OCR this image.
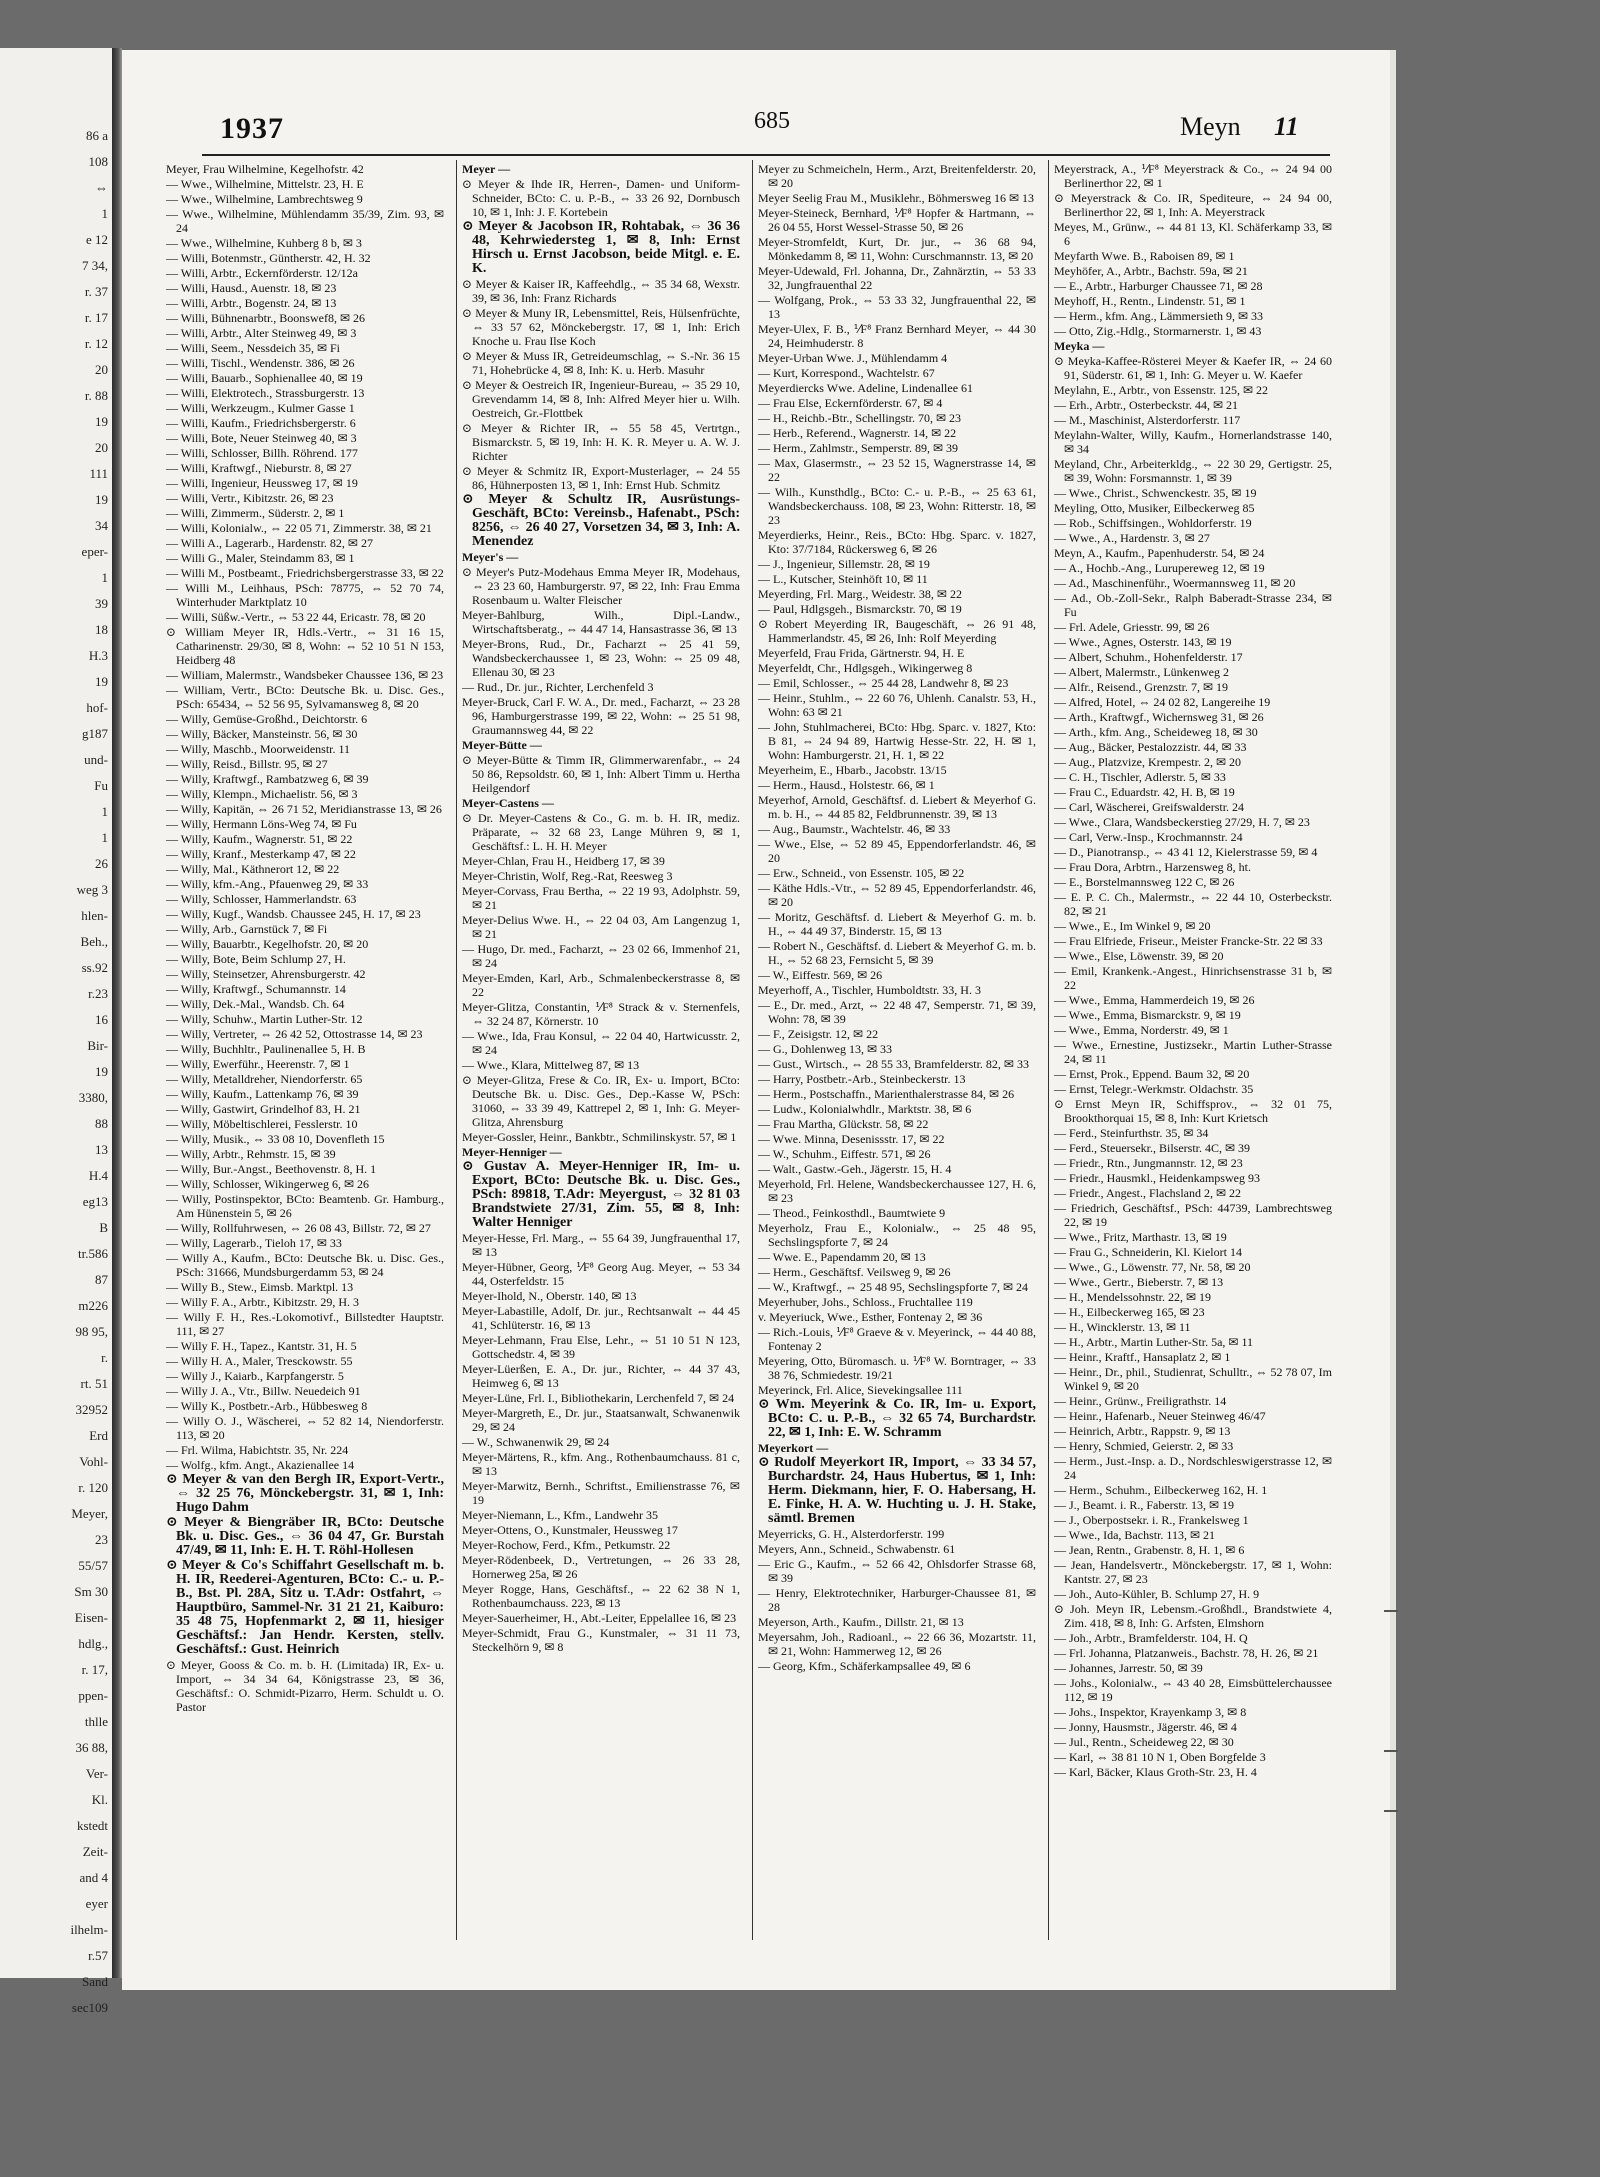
86 a
108
⇔
1
e 12
7 34,
r. 37
r. 17
r. 12
20
r. 88
19
20
111
19
34
eper-
1
39
18
H.3
19
hof-
g187
und-
Fu
1
1
26
weg 3
hlen-
Beh.,
ss.92
r.23
16
Bir-
19
3380,
88
13
H.4
eg13
B
tr.586
87
m226
98 95,
r.
rt. 51
32952
Erd
Vohl-
r. 120
Meyer,
23
55/57
Sm 30
Eisen-
hdlg.,
r. 17,
ppen-
thlle
36 88,
Ver-
Kl.
kstedt
Zeit-
and 4
eyer
ilhelm-
r.57
Sand
sec109
1937	685	Meyn 11
Meyer, Frau Wilhelmine, Kegelhofstr. 42
— Wwe., Wilhelmine, Mittelstr. 23, H. E
— Wwe., Wilhelmine, Lambrechtsweg 9
— Wwe., Wilhelmine, Mühlendamm 35/39, Zim. 93, ✉ 24
— Wwe., Wilhelmine, Kuhberg 8 b, ✉ 3
— Willi, Botenmstr., Güntherstr. 42, H. 32
— Willi, Arbtr., Eckernförderstr. 12/12a
— Willi, Hausd., Auenstr. 18, ✉ 23
— Willi, Arbtr., Bogenstr. 24, ✉ 13
— Willi, Bühnenarbtr., Boonswef8, ✉ 26
— Willi, Arbtr., Alter Steinweg 49, ✉ 3
— Willi, Seem., Nessdeich 35, ✉ Fi
— Willi, Tischl., Wendenstr. 386, ✉ 26
— Willi, Bauarb., Sophienallee 40, ✉ 19
— Willi, Elektrotech., Strassburgerstr. 13
— Willi, Werkzeugm., Kulmer Gasse 1
— Willi, Kaufm., Friedrichsbergerstr. 6
— Willi, Bote, Neuer Steinweg 40, ✉ 3
— Willi, Schlosser, Billh. Röhrend. 177
— Willi, Kraftwgf., Nieburstr. 8, ✉ 27
— Willi, Ingenieur, Heussweg 17, ✉ 19
— Willi, Vertr., Kibitzstr. 26, ✉ 23
— Willi, Zimmerm., Süderstr. 2, ✉ 1
— Willi, Kolonialw., ⇔ 22 05 71, Zimmerstr. 38, ✉ 21
— Willi A., Lagerarb., Hardenstr. 82, ✉ 27
— Willi G., Maler, Steindamm 83, ✉ 1
— Willi M., Postbeamt., Friedrichsbergerstrasse 33, ✉ 22
— Willi M., Leihhaus, PSch: 78775, ⇔ 52 70 74, Winterhuder Marktplatz 10
— Willi, Süßw.-Vertr., ⇔ 53 22 44, Ericastr. 78, ✉ 20
⊙ William Meyer IR, Hdls.-Vertr., ⇔ 31 16 15, Catharinenstr. 29/30, ✉ 8, Wohn: ⇔ 52 10 51 N 153, Heidberg 48
— William, Malermstr., Wandsbeker Chaussee 136, ✉ 23
— William, Vertr., BCto: Deutsche Bk. u. Disc. Ges., PSch: 65434, ⇔ 52 56 95, Sylvamansweg 8, ✉ 20
— Willy, Gemüse-Großhd., Deichtorstr. 6
— Willy, Bäcker, Mansteinstr. 56, ✉ 30
— Willy, Maschb., Moorweidenstr. 11
— Willy, Reisd., Billstr. 95, ✉ 27
— Willy, Kraftwgf., Rambatzweg 6, ✉ 39
— Willy, Klempn., Michaelistr. 56, ✉ 3
— Willy, Kapitän, ⇔ 26 71 52, Meridianstrasse 13, ✉ 26
— Willy, Hermann Löns-Weg 74, ✉ Fu
— Willy, Kaufm., Wagnerstr. 51, ✉ 22
— Willy, Kranf., Mesterkamp 47, ✉ 22
— Willy, Mal., Käthnerort 12, ✉ 22
— Willy, kfm.-Ang., Pfauenweg 29, ✉ 33
— Willy, Schlosser, Hammerlandstr. 63
— Willy, Kugf., Wandsb. Chaussee 245, H. 17, ✉ 23
— Willy, Arb., Garnstück 7, ✉ Fi
— Willy, Bauarbtr., Kegelhofstr. 20, ✉ 20
— Willy, Bote, Beim Schlump 27, H.
— Willy, Steinsetzer, Ahrensburgerstr. 42
— Willy, Kraftwgf., Schumannstr. 14
— Willy, Dek.-Mal., Wandsb. Ch. 64
— Willy, Schuhw., Martin Luther-Str. 12
— Willy, Vertreter, ⇔ 26 42 52, Ottostrasse 14, ✉ 23
— Willy, Buchhltr., Paulinenallee 5, H. B
— Willy, Ewerführ., Heerenstr. 7, ✉ 1
— Willy, Metalldreher, Niendorferstr. 65
— Willy, Kaufm., Lattenkamp 76, ✉ 39
— Willy, Gastwirt, Grindelhof 83, H. 21
— Willy, Möbeltischlerei, Fesslerstr. 10
— Willy, Musik., ⇔ 33 08 10, Dovenfleth 15
— Willy, Arbtr., Rehmstr. 15, ✉ 39
— Willy, Bur.-Angst., Beethovenstr. 8, H. 1
— Willy, Schlosser, Wikingerweg 6, ✉ 26
— Willy, Postinspektor, BCto: Beamtenb. Gr. Hamburg., Am Hünenstein 5, ✉ 26
— Willy, Rollfuhrwesen, ⇔ 26 08 43, Billstr. 72, ✉ 27
— Willy, Lagerarb., Tieloh 17, ✉ 33
— Willy A., Kaufm., BCto: Deutsche Bk. u. Disc. Ges., PSch: 31666, Mundsburgerdamm 53, ✉ 24
— Willy B., Stew., Eimsb. Marktpl. 13
— Willy F. A., Arbtr., Kibitzstr. 29, H. 3
— Willy F. H., Res.-Lokomotivf., Billstedter Hauptstr. 111, ✉ 27
— Willy F. H., Tapez., Kantstr. 31, H. 5
— Willy H. A., Maler, Tresckowstr. 55
— Willy J., Kaiarb., Karpfangerstr. 5
— Willy J. A., Vtr., Billw. Neuedeich 91
— Willy K., Postbetr.-Arb., Hübbesweg 8
— Willy O. J., Wäscherei, ⇔ 52 82 14, Niendorferstr. 113, ✉ 20
— Frl. Wilma, Habichtstr. 35, Nr. 224
— Wolfg., kfm. Angt., Akazienallee 14
⊙ Meyer & van den Bergh IR, Export-Vertr., ⇔ 32 25 76, Mönckebergstr. 31, ✉ 1, Inh: Hugo Dahm
⊙ Meyer & Biengräber IR, BCto: Deutsche Bk. u. Disc. Ges., ⇔ 36 04 47, Gr. Burstah 47/49, ✉ 11, Inh: E. H. T. Röhl-Hollesen
⊙ Meyer & Co's Schiffahrt Gesellschaft m. b. H. IR, Reederei-Agenturen, BCto: C.- u. P.-B., Bst. Pl. 28A, Sitz u. T.Adr: Ostfahrt, ⇔ Hauptbüro, Sammel-Nr. 31 21 21, Kaiburo: 35 48 75, Hopfenmarkt 2, ✉ 11, hiesiger Geschäftsf.: Jan Hendr. Kersten, stellv. Geschäftsf.: Gust. Heinrich
⊙ Meyer, Gooss & Co. m. b. H. (Limitada) IR, Ex- u. Import, ⇔ 34 34 64, Königstrasse 23, ✉ 36, Geschäftsf.: O. Schmidt-Pizarro, Herm. Schuldt u. O. Pastor
Meyer —
⊙ Meyer & Ihde IR, Herren-, Damen- und Uniform-Schneider, BCto: C. u. P.-B., ⇔ 33 26 92, Dornbusch 10, ✉ 1, Inh: J. F. Kortebein
⊙ Meyer & Jacobson IR, Rohtabak, ⇔ 36 36 48, Kehrwiedersteg 1, ✉ 8, Inh: Ernst Hirsch u. Ernst Jacobson, beide Mitgl. e. E. K.
⊙ Meyer & Kaiser IR, Kaffeehdlg., ⇔ 35 34 68, Wexstr. 39, ✉ 36, Inh: Franz Richards
⊙ Meyer & Muny IR, Lebensmittel, Reis, Hülsenfrüchte, ⇔ 33 57 62, Mönckebergstr. 17, ✉ 1, Inh: Erich Knoche u. Frau Ilse Koch
⊙ Meyer & Muss IR, Getreideumschlag, ⇔ S.-Nr. 36 15 71, Hohebrücke 4, ✉ 8, Inh: K. u. Herb. Masuhr
⊙ Meyer & Oestreich IR, Ingenieur-Bureau, ⇔ 35 29 10, Grevendamm 14, ✉ 8, Inh: Alfred Meyer hier u. Wilh. Oestreich, Gr.-Flottbek
⊙ Meyer & Richter IR, ⇔ 55 58 45, Vertrtgn., Bismarckstr. 5, ✉ 19, Inh: H. K. R. Meyer u. A. W. J. Richter
⊙ Meyer & Schmitz IR, Export-Musterlager, ⇔ 24 55 86, Hühnerposten 13, ✉ 1, Inh: Ernst Hub. Schmitz
⊙ Meyer & Schultz IR, Ausrüstungs-Geschäft, BCto: Vereinsb., Hafenabt., PSch: 8256, ⇔ 26 40 27, Vorsetzen 34, ✉ 3, Inh: A. Menendez
Meyer's —
⊙ Meyer's Putz-Modehaus Emma Meyer IR, Modehaus, ⇔ 23 23 60, Hamburgerstr. 97, ✉ 22, Inh: Frau Emma Rosenbaum u. Walter Fleischer
Meyer-Bahlburg, Wilh., Dipl.-Landw., Wirtschaftsberatg., ⇔ 44 47 14, Hansastrasse 36, ✉ 13
Meyer-Brons, Rud., Dr., Facharzt ⇔ 25 41 59, Wandsbeckerchaussee 1, ✉ 23, Wohn: ⇔ 25 09 48, Ellenau 30, ✉ 23
— Rud., Dr. jur., Richter, Lerchenfeld 3
Meyer-Bruck, Carl F. W. A., Dr. med., Facharzt, ⇔ 23 28 96, Hamburgerstrasse 199, ✉ 22, Wohn: ⇔ 25 51 98, Graumannsweg 44, ✉ 22
Meyer-Bütte —
⊙ Meyer-Bütte & Timm IR, Glimmerwarenfabr., ⇔ 24 50 86, Repsoldstr. 60, ✉ 1, Inh: Albert Timm u. Hertha Heilgendorf
Meyer-Castens —
⊙ Dr. Meyer-Castens & Co., G. m. b. H. IR, mediz. Präparate, ⇔ 32 68 23, Lange Mühren 9, ✉ 1, Geschäftsf.: L. H. H. Meyer
Meyer-Chlan, Frau H., Heidberg 17, ✉ 39
Meyer-Christin, Wolf, Reg.-Rat, Reesweg 3
Meyer-Corvass, Frau Bertha, ⇔ 22 19 93, Adolphstr. 59, ✉ 21
Meyer-Delius Wwe. H., ⇔ 22 04 03, Am Langenzug 1, ✉ 21
— Hugo, Dr. med., Facharzt, ⇔ 23 02 66, Immenhof 21, ✉ 24
Meyer-Emden, Karl, Arb., Schmalenbeckerstrasse 8, ✉ 22
Meyer-Glitza, Constantin, ⅟F⁸ Strack & v. Sternenfels, ⇔ 32 24 87, Körnerstr. 10
— Wwe., Ida, Frau Konsul, ⇔ 22 04 40, Hartwicusstr. 2, ✉ 24
— Wwe., Klara, Mittelweg 87, ✉ 13
⊙ Meyer-Glitza, Frese & Co. IR, Ex- u. Import, BCto: Deutsche Bk. u. Disc. Ges., Dep.-Kasse W, PSch: 31060, ⇔ 33 39 49, Kattrepel 2, ✉ 1, Inh: G. Meyer-Glitza, Ahrensburg
Meyer-Gossler, Heinr., Bankbtr., Schmilinskystr. 57, ✉ 1
Meyer-Henniger —
⊙ Gustav A. Meyer-Henniger IR, Im- u. Export, BCto: Deutsche Bk. u. Disc. Ges., PSch: 89818, T.Adr: Meyergust, ⇔ 32 81 03 Brandstwiete 27/31, Zim. 55, ✉ 8, Inh: Walter Henniger
Meyer-Hesse, Frl. Marg., ⇔ 55 64 39, Jungfrauenthal 17, ✉ 13
Meyer-Hübner, Georg, ⅟F⁸ Georg Aug. Meyer, ⇔ 53 34 44, Osterfeldstr. 15
Meyer-Ihold, N., Oberstr. 140, ✉ 13
Meyer-Labastille, Adolf, Dr. jur., Rechtsanwalt ⇔ 44 45 41, Schlüterstr. 16, ✉ 13
Meyer-Lehmann, Frau Else, Lehr., ⇔ 51 10 51 N 123, Gottschedstr. 4, ✉ 39
Meyer-Lüerßen, E. A., Dr. jur., Richter, ⇔ 44 37 43, Heimweg 6, ✉ 13
Meyer-Lüne, Frl. I., Bibliothekarin, Lerchenfeld 7, ✉ 24
Meyer-Margreth, E., Dr. jur., Staatsanwalt, Schwanenwik 29, ✉ 24
— W., Schwanenwik 29, ✉ 24
Meyer-Märtens, R., kfm. Ang., Rothenbaumchauss. 81 c, ✉ 13
Meyer-Marwitz, Bernh., Schriftst., Emilienstrasse 76, ✉ 19
Meyer-Niemann, L., Kfm., Landwehr 35
Meyer-Ottens, O., Kunstmaler, Heussweg 17
Meyer-Rochow, Ferd., Kfm., Petkumstr. 22
Meyer-Rödenbeek, D., Vertretungen, ⇔ 26 33 28, Hornerweg 25a, ✉ 26
Meyer Rogge, Hans, Geschäftsf., ⇔ 22 62 38 N 1, Rothenbaumchauss. 223, ✉ 13
Meyer-Sauerheimer, H., Abt.-Leiter, Eppelallee 16, ✉ 23
Meyer-Schmidt, Frau G., Kunstmaler, ⇔ 31 11 73, Steckelhörn 9, ✉ 8
Meyer zu Schmeicheln, Herm., Arzt, Breitenfelderstr. 20, ✉ 20
Meyer Seelig Frau M., Musiklehr., Böhmersweg 16 ✉ 13
Meyer-Steineck, Bernhard, ⅟F⁸ Hopfer & Hartmann, ⇔ 26 04 55, Horst Wessel-Strasse 50, ✉ 26
Meyer-Stromfeldt, Kurt, Dr. jur., ⇔ 36 68 94, Mönkedamm 8, ✉ 11, Wohn: Curschmannstr. 13, ✉ 20
Meyer-Udewald, Frl. Johanna, Dr., Zahnärztin, ⇔ 53 33 32, Jungfrauenthal 22
— Wolfgang, Prok., ⇔ 53 33 32, Jungfrauenthal 22, ✉ 13
Meyer-Ulex, F. B., ⅟F⁸ Franz Bernhard Meyer, ⇔ 44 30 24, Heimhuderstr. 8
Meyer-Urban Wwe. J., Mühlendamm 4
— Kurt, Korrespond., Wachtelstr. 67
Meyerdiercks Wwe. Adeline, Lindenallee 61
— Frau Else, Eckernförderstr. 67, ✉ 4
— H., Reichb.-Btr., Schellingstr. 70, ✉ 23
— Herb., Referend., Wagnerstr. 14, ✉ 22
— Herm., Zahlmstr., Semperstr. 89, ✉ 39
— Max, Glasermstr., ⇔ 23 52 15, Wagnerstrasse 14, ✉ 22
— Wilh., Kunsthdlg., BCto: C.- u. P.-B., ⇔ 25 63 61, Wandsbeckerchauss. 108, ✉ 23, Wohn: Ritterstr. 18, ✉ 23
Meyerdierks, Heinr., Reis., BCto: Hbg. Sparc. v. 1827, Kto: 37/7184, Rückersweg 6, ✉ 26
— J., Ingenieur, Sillemstr. 28, ✉ 19
— L., Kutscher, Steinhöft 10, ✉ 11
Meyerding, Frl. Marg., Weidestr. 38, ✉ 22
— Paul, Hdlgsgeh., Bismarckstr. 70, ✉ 19
⊙ Robert Meyerding IR, Baugeschäft, ⇔ 26 91 48, Hammerlandstr. 45, ✉ 26, Inh: Rolf Meyerding
Meyerfeld, Frau Frida, Gärtnerstr. 94, H. E
Meyerfeldt, Chr., Hdlgsgeh., Wikingerweg 8
— Emil, Schlosser., ⇔ 25 44 28, Landwehr 8, ✉ 23
— Heinr., Stuhlm., ⇔ 22 60 76, Uhlenh. Canalstr. 53, H., Wohn: 63 ✉ 21
— John, Stuhlmacherei, BCto: Hbg. Sparc. v. 1827, Kto: B 81, ⇔ 24 94 89, Hartwig Hesse-Str. 22, H. ✉ 1, Wohn: Hamburgerstr. 21, H. 1, ✉ 22
Meyerheim, E., Hbarb., Jacobstr. 13/15
— Herm., Hausd., Holstestr. 66, ✉ 1
Meyerhof, Arnold, Geschäftsf. d. Liebert & Meyerhof G. m. b. H., ⇔ 44 85 82, Feldbrunnenstr. 39, ✉ 13
— Aug., Baumstr., Wachtelstr. 46, ✉ 33
— Wwe., Else, ⇔ 52 89 45, Eppendorferlandstr. 46, ✉ 20
— Erw., Schneid., von Essenstr. 105, ✉ 22
— Käthe Hdls.-Vtr., ⇔ 52 89 45, Eppendorferlandstr. 46, ✉ 20
— Moritz, Geschäftsf. d. Liebert & Meyerhof G. m. b. H., ⇔ 44 49 37, Binderstr. 15, ✉ 13
— Robert N., Geschäftsf. d. Liebert & Meyerhof G. m. b. H., ⇔ 52 68 23, Fernsicht 5, ✉ 39
— W., Eiffestr. 569, ✉ 26
Meyerhoff, A., Tischler, Humboldtstr. 33, H. 3
— E., Dr. med., Arzt, ⇔ 22 48 47, Semperstr. 71, ✉ 39, Wohn: 78, ✉ 39
— F., Zeisigstr. 12, ✉ 22
— G., Dohlenweg 13, ✉ 33
— Gust., Wirtsch., ⇔ 28 55 33, Bramfelderstr. 82, ✉ 33
— Harry, Postbetr.-Arb., Steinbeckerstr. 13
— Herm., Postschaffn., Marienthalerstrasse 84, ✉ 26
— Ludw., Kolonialwhdlr., Marktstr. 38, ✉ 6
— Frau Martha, Glückstr. 58, ✉ 22
— Wwe. Minna, Desenissstr. 17, ✉ 22
— W., Schuhm., Eiffestr. 571, ✉ 26
— Walt., Gastw.-Geh., Jägerstr. 15, H. 4
Meyerhold, Frl. Helene, Wandsbeckerchaussee 127, H. 6, ✉ 23
— Theod., Feinkosthdl., Baumtwiete 9
Meyerholz, Frau E., Kolonialw., ⇔ 25 48 95, Sechslingspforte 7, ✉ 24
— Wwe. E., Papendamm 20, ✉ 13
— Herm., Geschäftsf. Veilsweg 9, ✉ 26
— W., Kraftwgf., ⇔ 25 48 95, Sechslingspforte 7, ✉ 24
Meyerhuber, Johs., Schloss., Fruchtallee 119
v. Meyeriuck, Wwe., Esther, Fontenay 2, ✉ 36
— Rich.-Louis, ⅟F⁸ Graeve & v. Meyerinck, ⇔ 44 40 88, Fontenay 2
Meyering, Otto, Büromasch. u. ⅟F⁸ W. Borntrager, ⇔ 33 38 76, Schmiedestr. 19/21
Meyerinck, Frl. Alice, Sievekingsallee 111
⊙ Wm. Meyerink & Co. IR, Im- u. Export, BCto: C. u. P.-B., ⇔ 32 65 74, Burchardstr. 22, ✉ 1, Inh: E. W. Schramm
Meyerkort —
⊙ Rudolf Meyerkort IR, Import, ⇔ 33 34 57, Burchardstr. 24, Haus Hubertus, ✉ 1, Inh: Herm. Diekmann, hier, F. O. Habersang, H. E. Finke, H. A. W. Huchting u. J. H. Stake, sämtl. Bremen
Meyerricks, G. H., Alsterdorferstr. 199
Meyers, Ann., Schneid., Schwabenstr. 61
— Eric G., Kaufm., ⇔ 52 66 42, Ohlsdorfer Strasse 68, ✉ 39
— Henry, Elektrotechniker, Harburger-Chaussee 81, ✉ 28
Meyerson, Arth., Kaufm., Dillstr. 21, ✉ 13
Meyersahm, Joh., Radioanl., ⇔ 22 66 36, Mozartstr. 11, ✉ 21, Wohn: Hammerweg 12, ✉ 26
— Georg, Kfm., Schäferkampsallee 49, ✉ 6
Meyerstrack, A., ⅟F⁸ Meyerstrack & Co., ⇔ 24 94 00 Berlinerthor 22, ✉ 1
⊙ Meyerstrack & Co. IR, Spediteure, ⇔ 24 94 00, Berlinerthor 22, ✉ 1, Inh: A. Meyerstrack
Meyes, M., Grünw., ⇔ 44 81 13, Kl. Schäferkamp 33, ✉ 6
Meyfarth Wwe. B., Raboisen 89, ✉ 1
Meyhöfer, A., Arbtr., Bachstr. 59a, ✉ 21
— E., Arbtr., Harburger Chaussee 71, ✉ 28
Meyhoff, H., Rentn., Lindenstr. 51, ✉ 1
— Herm., kfm. Ang., Lämmersieth 9, ✉ 33
— Otto, Zig.-Hdlg., Stormarnerstr. 1, ✉ 43
Meyka —
⊙ Meyka-Kaffee-Rösterei Meyer & Kaefer IR, ⇔ 24 60 91, Süderstr. 61, ✉ 1, Inh: G. Meyer u. W. Kaefer
Meylahn, E., Arbtr., von Essenstr. 125, ✉ 22
— Erh., Arbtr., Osterbeckstr. 44, ✉ 21
— M., Maschinist, Alsterdorferstr. 117
Meylahn-Walter, Willy, Kaufm., Hornerlandstrasse 140, ✉ 34
Meyland, Chr., Arbeiterkldg., ⇔ 22 30 29, Gertigstr. 25, ✉ 39, Wohn: Forsmannstr. 1, ✉ 39
— Wwe., Christ., Schwenckestr. 35, ✉ 19
Meyling, Otto, Musiker, Eilbeckerweg 85
— Rob., Schiffsingen., Wohldorferstr. 19
— Wwe., A., Hardenstr. 3, ✉ 27
Meyn, A., Kaufm., Papenhuderstr. 54, ✉ 24
— A., Hochb.-Ang., Lurupereweg 12, ✉ 19
— Ad., Maschinenführ., Woermannsweg 11, ✉ 20
— Ad., Ob.-Zoll-Sekr., Ralph Baberadt-Strasse 234, ✉ Fu
— Frl. Adele, Griesstr. 99, ✉ 26
— Wwe., Agnes, Osterstr. 143, ✉ 19
— Albert, Schuhm., Hohenfelderstr. 17
— Albert, Malermstr., Lünkenweg 2
— Alfr., Reisend., Grenzstr. 7, ✉ 19
— Alfred, Hotel, ⇔ 24 02 82, Langereihe 19
— Arth., Kraftwgf., Wichernsweg 31, ✉ 26
— Arth., kfm. Ang., Scheideweg 18, ✉ 30
— Aug., Bäcker, Pestalozzistr. 44, ✉ 33
— Aug., Platzvize, Krempestr. 2, ✉ 20
— C. H., Tischler, Adlerstr. 5, ✉ 33
— Frau C., Eduardstr. 42, H. B, ✉ 19
— Carl, Wäscherei, Greifswalderstr. 24
— Wwe., Clara, Wandsbeckerstieg 27/29, H. 7, ✉ 23
— Carl, Verw.-Insp., Krochmannstr. 24
— D., Pianotransp., ⇔ 43 41 12, Kielerstrasse 59, ✉ 4
— Frau Dora, Arbtrn., Harzensweg 8, ht.
— E., Borstelmannsweg 122 C, ✉ 26
— E. P. C. Ch., Malermstr., ⇔ 22 44 10, Osterbeckstr. 82, ✉ 21
— Wwe., E., Im Winkel 9, ✉ 20
— Frau Elfriede, Friseur., Meister Francke-Str. 22 ✉ 33
— Wwe., Else, Löwenstr. 39, ✉ 20
— Emil, Krankenk.-Angest., Hinrichsenstrasse 31 b, ✉ 22
— Wwe., Emma, Hammerdeich 19, ✉ 26
— Wwe., Emma, Bismarckstr. 9, ✉ 19
— Wwe., Emma, Norderstr. 49, ✉ 1
— Wwe., Ernestine, Justizsekr., Martin Luther-Strasse 24, ✉ 11
— Ernst, Prok., Eppend. Baum 32, ✉ 20
— Ernst, Telegr.-Werkmstr. Oldachstr. 35
⊙ Ernst Meyn IR, Schiffsprov., ⇔ 32 01 75, Brookthorquai 15, ✉ 8, Inh: Kurt Krietsch
— Ferd., Steinfurthstr. 35, ✉ 34
— Ferd., Steuersekr., Bilserstr. 4C, ✉ 39
— Friedr., Rtn., Jungmannstr. 12, ✉ 23
— Friedr., Hausmkl., Heidenkampsweg 93
— Friedr., Angest., Flachsland 2, ✉ 22
— Friedrich, Geschäftsf., PSch: 44739, Lambrechtsweg 22, ✉ 19
— Wwe., Fritz, Marthastr. 13, ✉ 19
— Frau G., Schneiderin, Kl. Kielort 14
— Wwe., G., Löwenstr. 77, Nr. 58, ✉ 20
— Wwe., Gertr., Bieberstr. 7, ✉ 13
— H., Mendelssohnstr. 22, ✉ 19
— H., Eilbeckerweg 165, ✉ 23
— H., Wincklerstr. 13, ✉ 11
— H., Arbtr., Martin Luther-Str. 5a, ✉ 11
— Heinr., Kraftf., Hansaplatz 2, ✉ 1
— Heinr., Dr., phil., Studienrat, Schulltr., ⇔ 52 78 07, Im Winkel 9, ✉ 20
— Heinr., Grünw., Freiligrathstr. 14
— Heinr., Hafenarb., Neuer Steinweg 46/47
— Heinrich, Arbtr., Rappstr. 9, ✉ 13
— Henry, Schmied, Geierstr. 2, ✉ 33
— Herm., Just.-Insp. a. D., Nordschleswigerstrasse 12, ✉ 24
— Herm., Schuhm., Eilbeckerweg 162, H. 1
— J., Beamt. i. R., Faberstr. 13, ✉ 19
— J., Oberpostsekr. i. R., Frankelsweg 1
— Wwe., Ida, Bachstr. 113, ✉ 21
— Jean, Rentn., Grabenstr. 8, H. 1, ✉ 6
— Jean, Handelsvertr., Mönckebergstr. 17, ✉ 1, Wohn: Kantstr. 27, ✉ 23
— Joh., Auto-Kühler, B. Schlump 27, H. 9
⊙ Joh. Meyn IR, Lebensm.-Großhdl., Brandstwiete 4, Zim. 418, ✉ 8, Inh: G. Arfsten, Elmshorn
— Joh., Arbtr., Bramfelderstr. 104, H. Q
— Frl. Johanna, Platzanweis., Bachstr. 78, H. 26, ✉ 21
— Johannes, Jarrestr. 50, ✉ 39
— Johs., Kolonialw., ⇔ 43 40 28, Eimsbüttelerchaussee 112, ✉ 19
— Johs., Inspektor, Krayenkamp 3, ✉ 8
— Jonny, Hausmstr., Jägerstr. 46, ✉ 4
— Jul., Rentn., Scheideweg 22, ✉ 30
— Karl, ⇔ 38 81 10 N 1, Oben Borgfelde 3
— Karl, Bäcker, Klaus Groth-Str. 23, H. 4
